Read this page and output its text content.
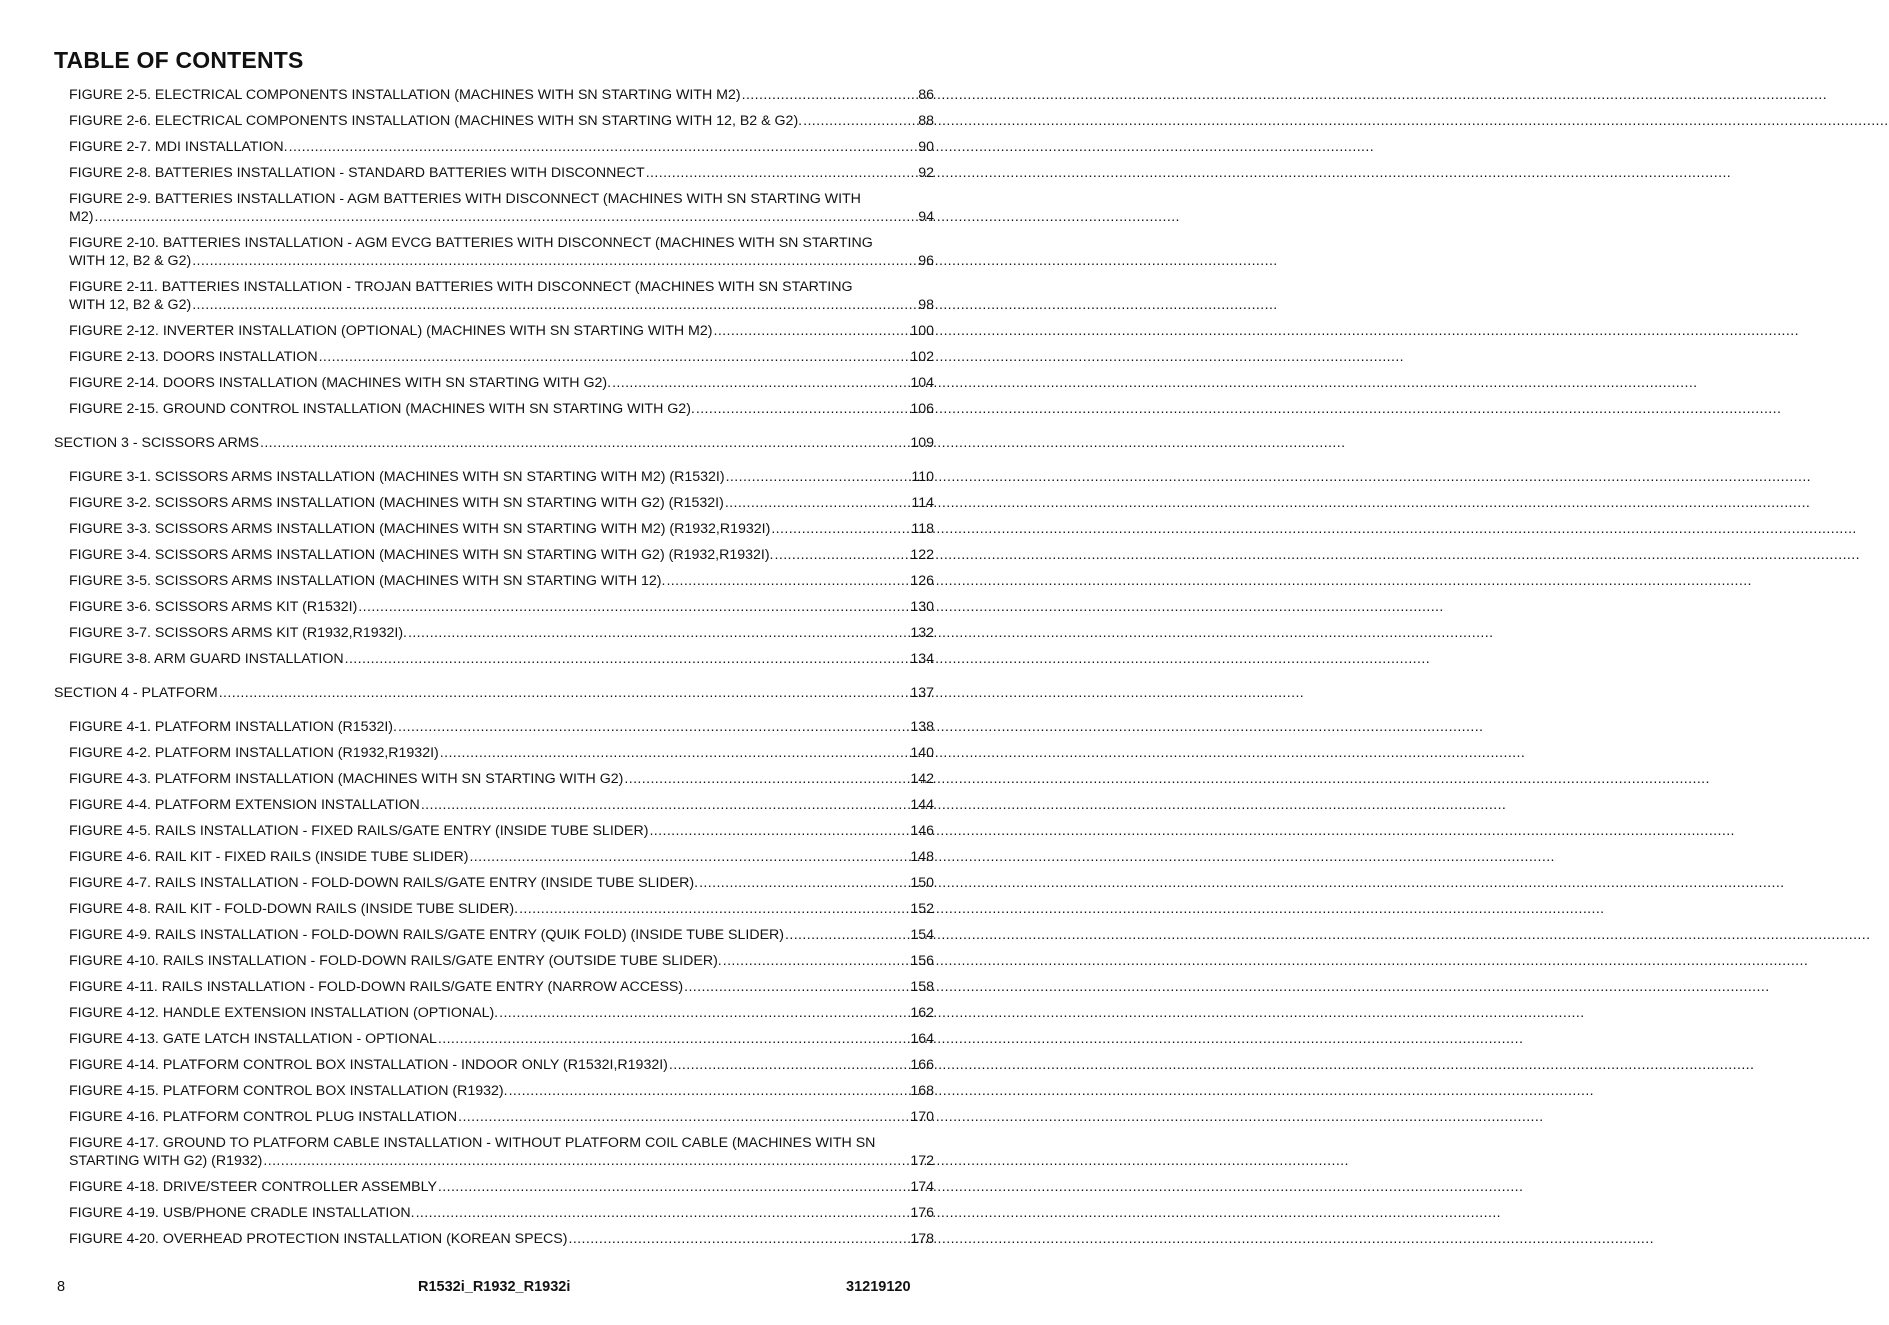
TABLE OF CONTENTS
FIGURE 2-5. ELECTRICAL COMPONENTS INSTALLATION (MACHINES WITH SN STARTING WITH M2) .....	86
FIGURE 2-6. ELECTRICAL COMPONENTS INSTALLATION (MACHINES WITH SN STARTING WITH 12, B2 & G2). .....	88
FIGURE 2-7. MDI INSTALLATION. .....	90
FIGURE 2-8. BATTERIES INSTALLATION - STANDARD BATTERIES WITH DISCONNECT .....	92
FIGURE 2-9. BATTERIES INSTALLATION - AGM BATTERIES WITH DISCONNECT (MACHINES WITH SN STARTING WITH
M2) .....	94
FIGURE 2-10. BATTERIES INSTALLATION - AGM EVCG BATTERIES WITH DISCONNECT (MACHINES WITH SN STARTING
WITH 12, B2 & G2) .....	96
FIGURE 2-11. BATTERIES INSTALLATION - TROJAN BATTERIES WITH DISCONNECT (MACHINES WITH SN STARTING
WITH 12, B2 & G2) .....	98
FIGURE 2-12. INVERTER INSTALLATION (OPTIONAL) (MACHINES WITH SN STARTING WITH M2) .....	100
FIGURE 2-13. DOORS INSTALLATION .....	102
FIGURE 2-14. DOORS INSTALLATION (MACHINES WITH SN STARTING WITH G2). .....	104
FIGURE 2-15. GROUND CONTROL INSTALLATION (MACHINES WITH SN STARTING WITH G2). .....	106
SECTION 3 - SCISSORS ARMS .....	109
FIGURE 3-1. SCISSORS ARMS INSTALLATION (MACHINES WITH SN STARTING WITH M2) (R1532I) .....	110
FIGURE 3-2. SCISSORS ARMS INSTALLATION (MACHINES WITH SN STARTING WITH G2) (R1532I) .....	114
FIGURE 3-3. SCISSORS ARMS INSTALLATION (MACHINES WITH SN STARTING WITH M2) (R1932,R1932I) .....	118
FIGURE 3-4. SCISSORS ARMS INSTALLATION (MACHINES WITH SN STARTING WITH G2) (R1932,R1932I). .....	122
FIGURE 3-5. SCISSORS ARMS INSTALLATION (MACHINES WITH SN STARTING WITH 12). .....	126
FIGURE 3-6. SCISSORS ARMS KIT (R1532I) .....	130
FIGURE 3-7. SCISSORS ARMS KIT (R1932,R1932I). .....	132
FIGURE 3-8. ARM GUARD INSTALLATION .....	134
SECTION 4 - PLATFORM .....	137
FIGURE 4-1. PLATFORM INSTALLATION (R1532I). .....	138
FIGURE 4-2. PLATFORM INSTALLATION (R1932,R1932I) .....	140
FIGURE 4-3. PLATFORM INSTALLATION (MACHINES WITH SN STARTING WITH G2) .....	142
FIGURE 4-4. PLATFORM EXTENSION INSTALLATION .....	144
FIGURE 4-5. RAILS INSTALLATION - FIXED RAILS/GATE ENTRY (INSIDE TUBE SLIDER) .....	146
FIGURE 4-6. RAIL KIT - FIXED RAILS (INSIDE TUBE SLIDER) .....	148
FIGURE 4-7. RAILS INSTALLATION - FOLD-DOWN RAILS/GATE ENTRY (INSIDE TUBE SLIDER). .....	150
FIGURE 4-8. RAIL KIT - FOLD-DOWN RAILS (INSIDE TUBE SLIDER). .....	152
FIGURE 4-9. RAILS INSTALLATION - FOLD-DOWN RAILS/GATE ENTRY (QUIK FOLD) (INSIDE TUBE SLIDER) .....	154
FIGURE 4-10. RAILS INSTALLATION - FOLD-DOWN RAILS/GATE ENTRY (OUTSIDE TUBE SLIDER). .....	156
FIGURE 4-11. RAILS INSTALLATION - FOLD-DOWN RAILS/GATE ENTRY (NARROW ACCESS) .....	158
FIGURE 4-12. HANDLE EXTENSION INSTALLATION (OPTIONAL). .....	162
FIGURE 4-13. GATE LATCH INSTALLATION - OPTIONAL .....	164
FIGURE 4-14. PLATFORM CONTROL BOX INSTALLATION - INDOOR ONLY (R1532I,R1932I) .....	166
FIGURE 4-15. PLATFORM CONTROL BOX INSTALLATION (R1932). .....	168
FIGURE 4-16. PLATFORM CONTROL PLUG INSTALLATION .....	170
FIGURE 4-17. GROUND TO PLATFORM CABLE INSTALLATION - WITHOUT PLATFORM COIL CABLE (MACHINES WITH SN
STARTING WITH G2) (R1932) .....	172
FIGURE 4-18. DRIVE/STEER CONTROLLER ASSEMBLY .....	174
FIGURE 4-19. USB/PHONE CRADLE INSTALLATION. .....	176
FIGURE 4-20. OVERHEAD PROTECTION INSTALLATION (KOREAN SPECS) .....	178
8	R1532i_R1932_R1932i	31219120
